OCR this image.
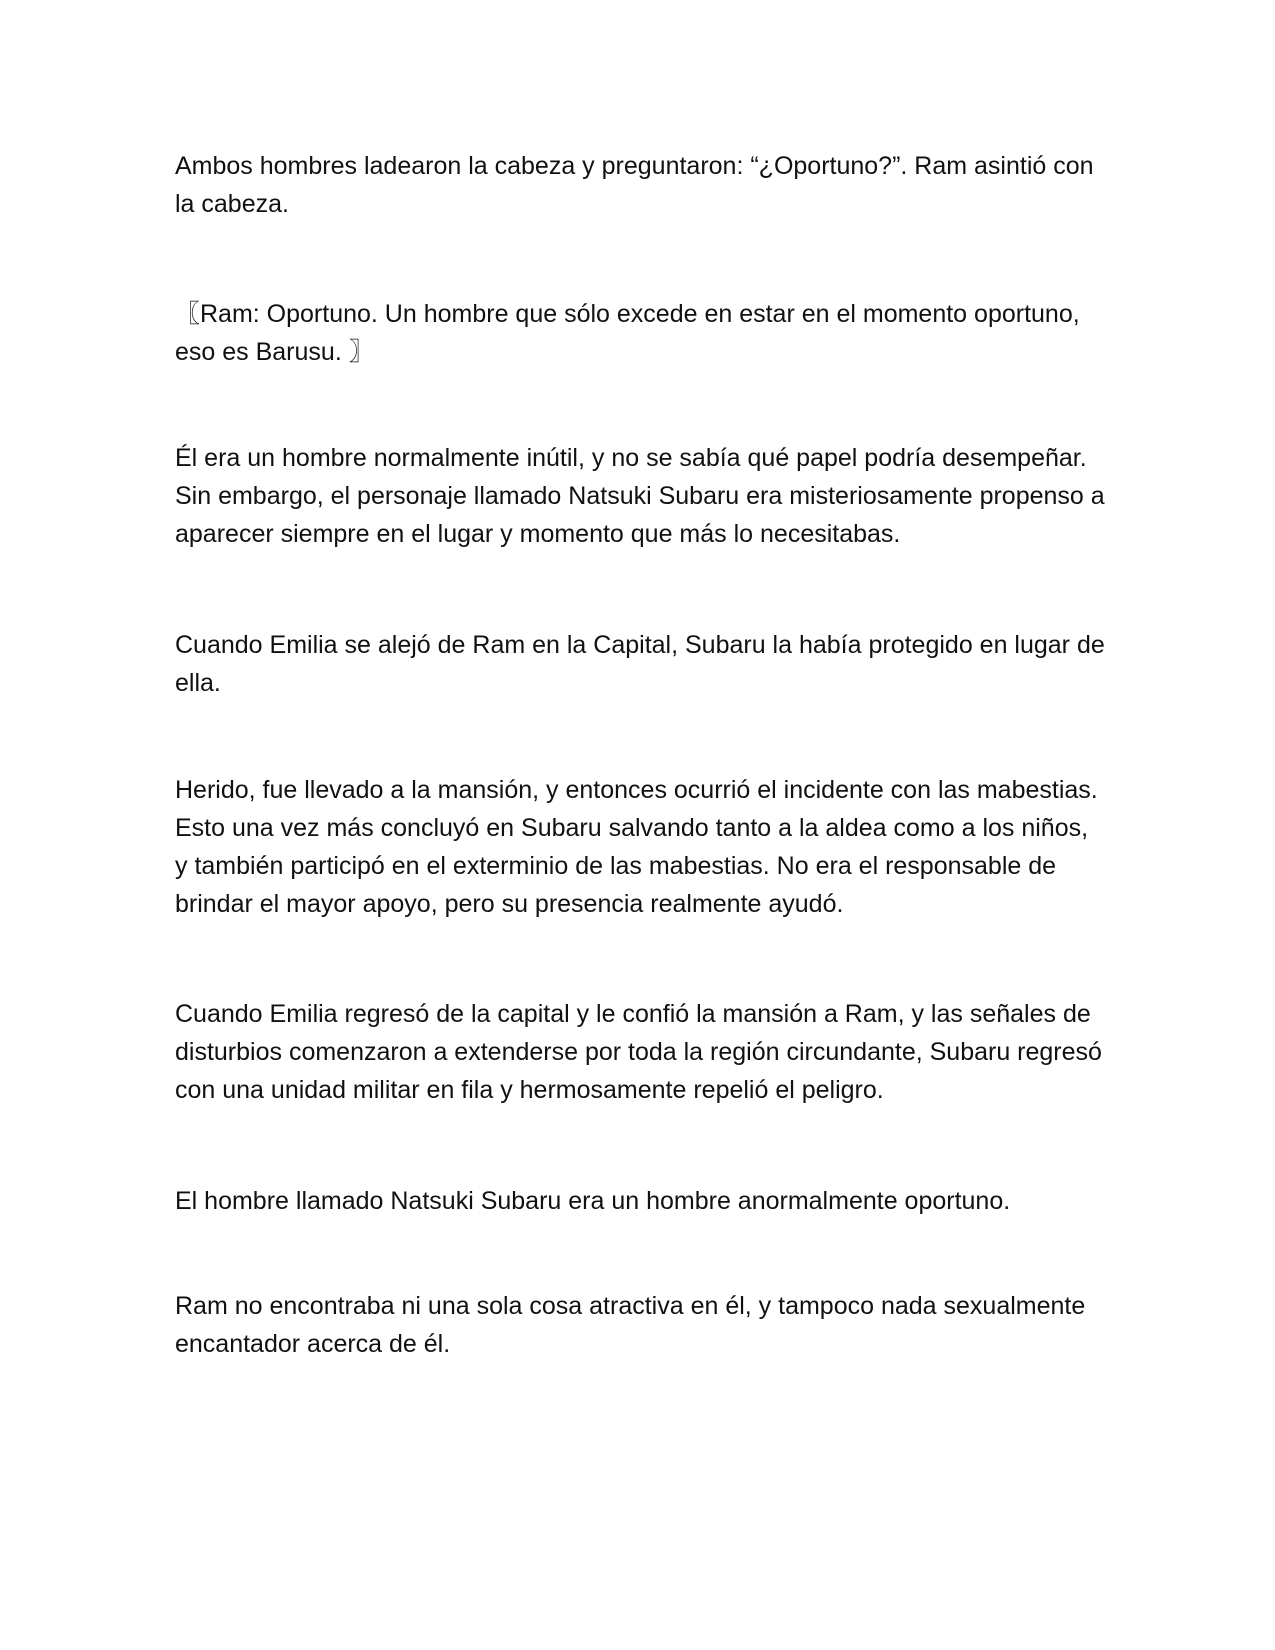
Ambos hombres ladearon la cabeza y preguntaron: “¿Oportuno?”. Ram asintió con la cabeza.

〖Ram: Oportuno. Un hombre que sólo excede en estar en el momento oportuno, eso es Barusu. 〗

Él era un hombre normalmente inútil, y no se sabía qué papel podría desempeñar. Sin embargo, el personaje llamado Natsuki Subaru era misteriosamente propenso a aparecer siempre en el lugar y momento que más lo necesitabas.

Cuando Emilia se alejó de Ram en la Capital, Subaru la había protegido en lugar de ella.

Herido, fue llevado a la mansión, y entonces ocurrió el incidente con las mabestias. Esto una vez más concluyó en Subaru salvando tanto a la aldea como a los niños, y también participó en el exterminio de las mabestias. No era el responsable de brindar el mayor apoyo, pero su presencia realmente ayudó.

Cuando Emilia regresó de la capital y le confió la mansión a Ram, y las señales de disturbios comenzaron a extenderse por toda la región circundante, Subaru regresó con una unidad militar en fila y hermosamente repelió el peligro.

El hombre llamado Natsuki Subaru era un hombre anormalmente oportuno.

Ram no encontraba ni una sola cosa atractiva en él, y tampoco nada sexualmente encantador acerca de él.
